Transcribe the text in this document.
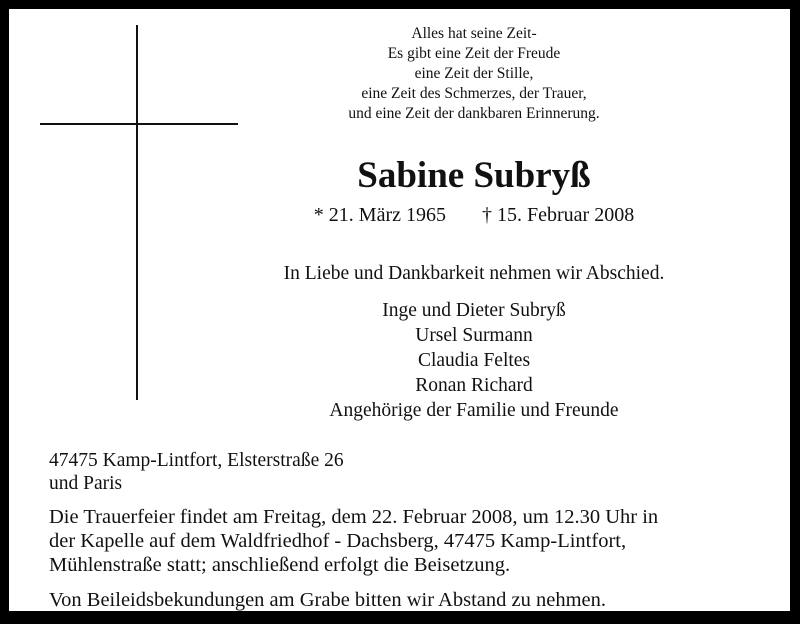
Alles hat seine Zeit-
Es gibt eine Zeit der Freude
eine Zeit der Stille,
eine Zeit des Schmerzes, der Trauer,
und eine Zeit der dankbaren Erinnerung.
Sabine Subryß
* 21. März 1965 † 15. Februar 2008
In Liebe und Dankbarkeit nehmen wir Abschied.
Inge und Dieter Subryß
Ursel Surmann
Claudia Feltes
Ronan Richard
Angehörige der Familie und Freunde
47475 Kamp-Lintfort, Elsterstraße 26
und Paris
Die Trauerfeier findet am Freitag, dem 22. Februar 2008, um 12.30 Uhr in
der Kapelle auf dem Waldfriedhof - Dachsberg, 47475 Kamp-Lintfort,
Mühlenstraße statt; anschließend erfolgt die Beisetzung.
Von Beileidsbekundungen am Grabe bitten wir Abstand zu nehmen.
